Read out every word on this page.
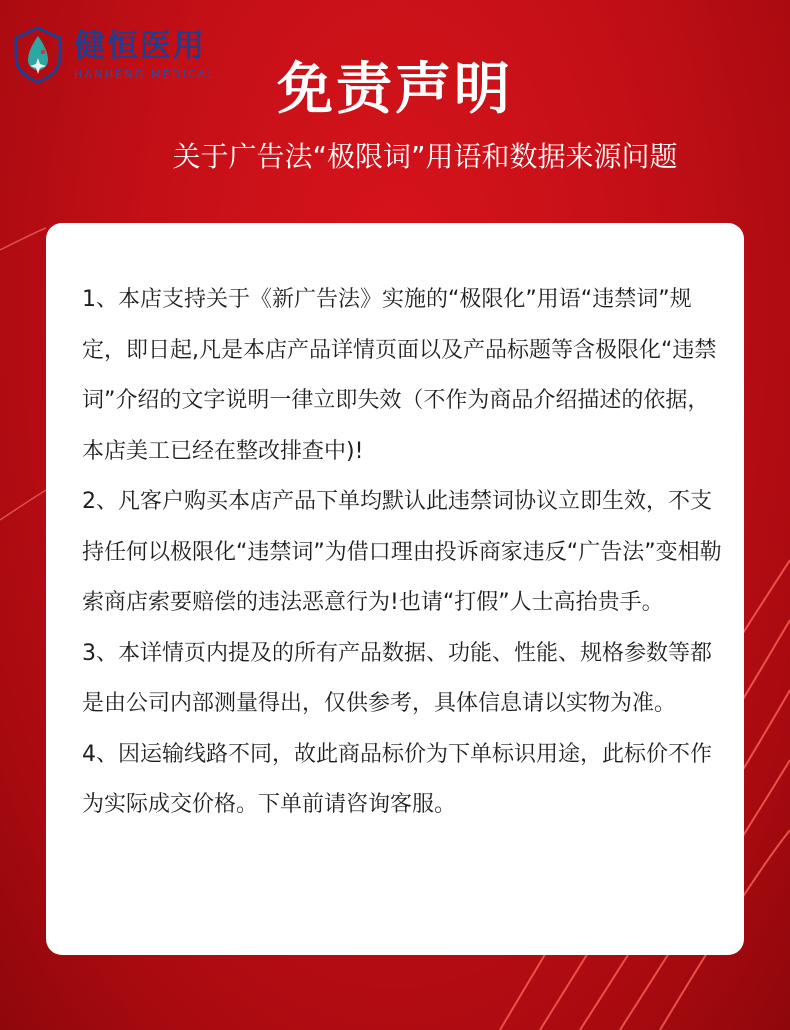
健恒医用
HANHENG MEDICAL	免责声明
关于广告法“极限词”用语和数据来源问题

1、本店支持关于《新广告法》实施的“极限化”用语“违禁词”规定，即日起,凡是本店产品详情页面以及产品标题等含极限化“违禁词”介绍的文字说明一律立即失效（不作为商品介绍描述的依据，本店美工已经在整改排查中)!

2、凡客户购买本店产品下单均默认此违禁词协议立即生效，不支持任何以极限化“违禁词”为借口理由投诉商家违反“广告法”变相勒索商店索要赔偿的违法恶意行为!也请“打假”人士高抬贵手。

3、本详情页内提及的所有产品数据、功能、性能、规格参数等都是由公司内部测量得出，仅供参考，具体信息请以实物为准。

4、因运输线路不同，故此商品标价为下单标识用途，此标价不作为实际成交价格。下单前请咨询客服。
